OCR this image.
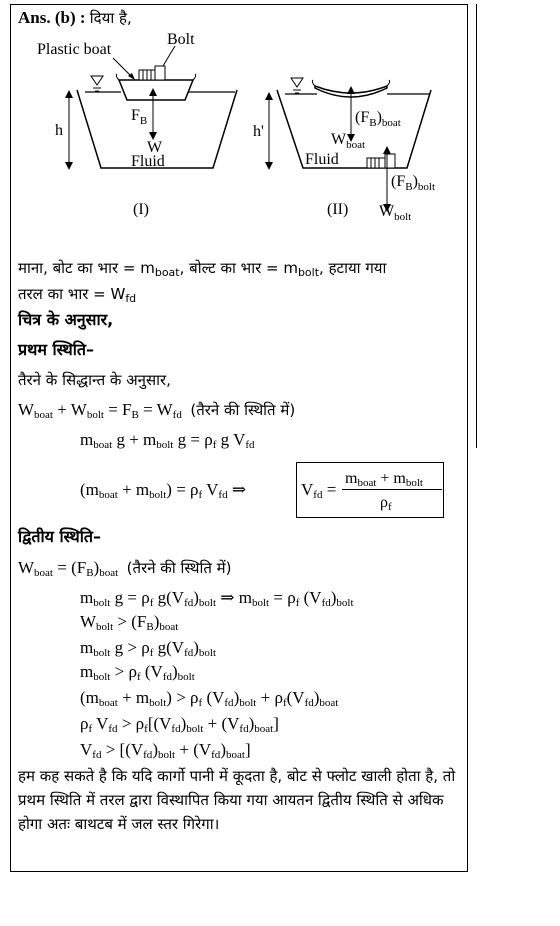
Ans. (b) : दिया है,
h
$F_B$
W
Fluid
(I)
Plastic boat
Bolt
h'
$(F_B)_{boat}$
$W_{boat}$
Fluid
$(F_B)_{bolt}$
$W_{bolt}$
(II)
माना, बोट का भार = $m_{boat}$, बोल्ट का भार = $m_{bolt}$, हटाया गया
तरल का भार = $W_{fd}$
चित्र के अनुसार,
प्रथम स्थिति–
तैरने के सिद्धान्त के अनुसार,
$W_{boat} + W_{bolt} = F_B = W_{fd}$ (तैरने की स्थिति में)
$m_{boat}$ $g + m_{bolt}$ $g = \rho_f$ g $V_{fd}$
$(m_{boat} + m_{bolt}) = \rho_f$ $V_{fd}$ ⇒	$V_{fd}$ =
$m_{boat} + m_{bolt}$
$\rho_f$
द्वितीय स्थिति–
$W_{boat} = (F_B)_{boat}$ (तैरने की स्थिति में)
$m_{bolt}$ $g = \rho_f$ $g(V_{fd})_{bolt}$ ⇒ $m_{bolt} = \rho_f$ $(V_{fd})_{bolt}$
$W_{bolt} > (F_B)_{boat}$
$m_{bolt}$ $g > \rho_f$ $g(V_{fd})_{bolt}$
$m_{bolt} > \rho_f$ $(V_{fd})_{bolt}$
$(m_{boat} + m_{bolt}) > \rho_f$ $(V_{fd})_{bolt} + \rho_f(V_{fd})_{boat}$
$\rho_f$ $V_{fd} > \rho_f[(V_{fd})_{bolt} + (V_{fd})_{boat}]$
$V_{fd} > [(V_{fd})_{bolt} + (V_{fd})_{boat}]$
हम कह सकते है कि यदि कार्गो पानी में कूदता है, बोट से फ्लोट खाली होता है, तो प्रथम स्थिति में तरल द्वारा विस्थापित किया गया आयतन द्वितीय स्थिति से अधिक होगा अतः बाथटब में जल स्तर गिरेगा।
